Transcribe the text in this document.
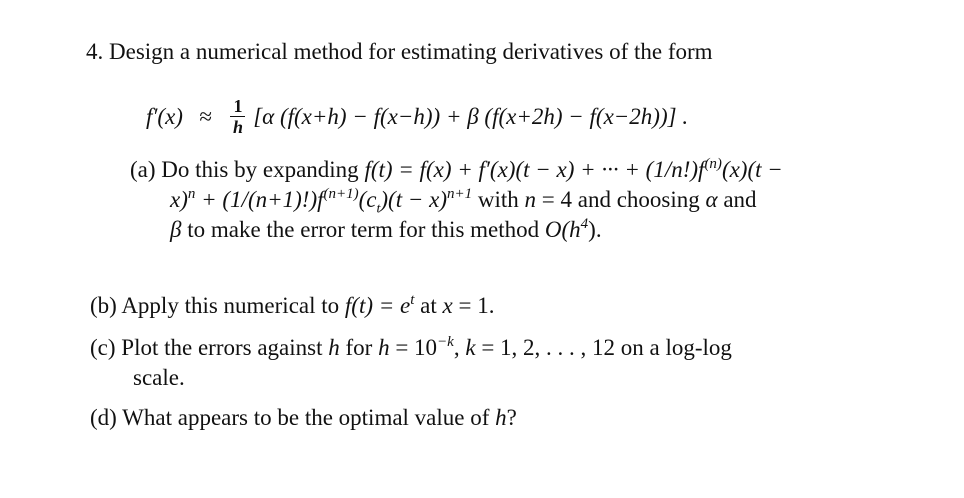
4. Design a numerical method for estimating derivatives of the form
$f'(x) \approx \frac{1}{h} [\alpha$ (f(x+h) − f(x−h)) + β (f(x+2h) − f(x−2h))] .
(a) Do this by expanding f(t) = f(x) + f′(x)(t − x) + ··· + $(1/n!)f^{(n)}(x)(t$ −
$x)^n + (1/(n+1)!)f^{(n+1)}(c_t)(t - x)^{n+1}$ with n = 4 and choosing α and
β to make the error term for this method $O(h^4)$.
(b) Apply this numerical to $f(t) = e^t$ at x = 1.
(c) Plot the errors against h for $h = 10^{-k}$, k = 1, 2, . . . , 12 on a log-log
scale.
(d) What appears to be the optimal value of h?
